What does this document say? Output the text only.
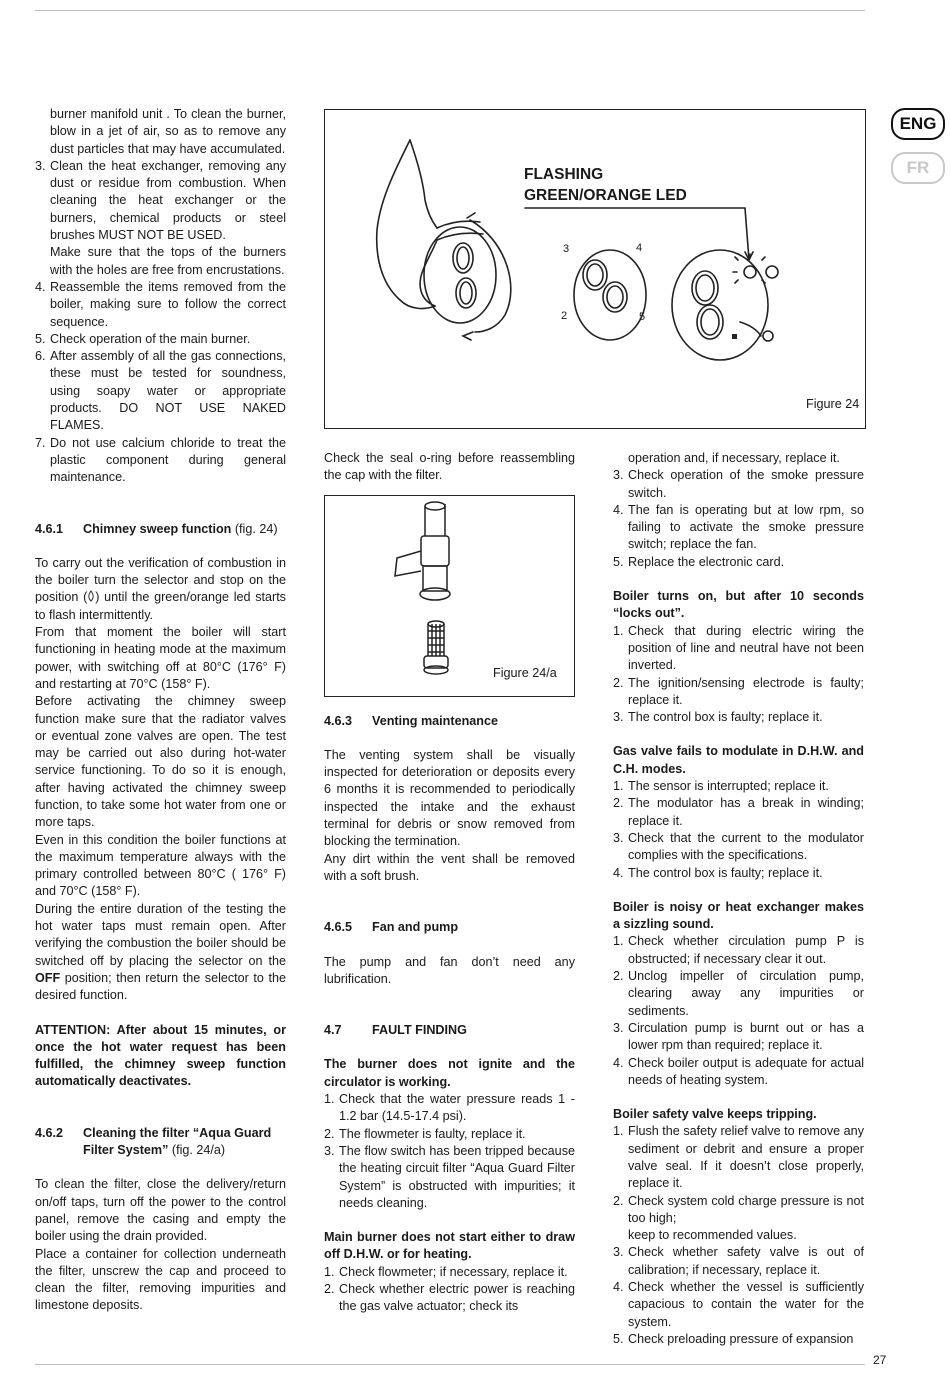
ENG
FR

burner manifold unit . To clean the burner, blow in a jet of air, so as to remove any dust particles that may have accumulated.

3. Clean the heat exchanger, removing any dust or residue from combustion. When cleaning the heat exchanger or the burners, chemical products or steel brushes MUST NOT BE USED.
Make sure that the tops of the burners with the holes are free from encrustations.
4. Reassemble the items removed from the boiler, making sure to follow the correct sequence.
5. Check operation of the main burner.
6. After assembly of all the gas connections, these must be tested for soundness, using soapy water or appropriate products. DO NOT USE NAKED FLAMES.
7. Do not use calcium chloride to treat the plastic component during general maintenance.
4.6.1	Chimney sweep function (fig. 24)

To carry out the verification of combustion in the boiler turn the selector and stop on the position ( ) until the green/orange led starts to flash intermittently.

From that moment the boiler will start functioning in heating mode at the maximum power, with switching off at 80°C (176° F) and restarting at 70°C (158° F).

Before activating the chimney sweep function make sure that the radiator valves or eventual zone valves are open. The test may be carried out also during hot-water service functioning. To do so it is enough, after having activated the chimney sweep function, to take some hot water from one or more taps.

Even in this condition the boiler functions at the maximum temperature always with the primary controlled between 80°C ( 176° F) and 70°C (158° F).

During the entire duration of the testing the hot water taps must remain open. After verifying the combustion the boiler should be switched off by placing the selector on the OFF position; then return the selector to the desired function.

ATTENTION: After about 15 minutes, or once the hot water request has been fulfilled, the chimney sweep function automatically deactivates.

4.6.2	Cleaning the filter “Aqua Guard
Filter System” (fig. 24/a)

To clean the filter, close the delivery/return on/off taps, turn off the power to the control panel, remove the casing and empty the boiler using the drain provided.

Place a container for collection underneath the filter, unscrew the cap and proceed to clean the filter, removing impurities and limestone deposits.

FLASHING
GREEN/ORANGE LED
3	4
2	5
Figure 24

Check the seal o-ring before reassembling the cap with the filter.

Figure 24/a
4.6.3	Venting maintenance

The venting system shall be visually inspected for deterioration or deposits every 6 months it is recommended to periodically inspected the intake and the exhaust terminal for debris or snow removed from blocking the termination.

Any dirt within the vent shall be removed with a soft brush.

4.6.5	Fan and pump

The pump and fan don’t need any lubrification.

4.7	FAULT FINDING

The burner does not ignite and the circulator is working.

1. Check that the water pressure reads 1 - 1.2 bar (14.5-17.4 psi).
2. The flowmeter is faulty, replace it.
3. The flow switch has been tripped because the heating circuit filter “Aqua Guard Filter System” is obstructed with impurities; it needs cleaning.

Main burner does not start either to draw off D.H.W. or for heating.

1. Check flowmeter; if necessary, replace it.
2. Check whether electric power is reaching the gas valve actuator; check its

operation and, if necessary, replace it.

3. Check operation of the smoke pressure switch.
4. The fan is operating but at low rpm, so failing to activate the smoke pressure switch; replace the fan.
5. Replace the electronic card.

Boiler turns on, but after 10 seconds “locks out”.

1. Check that during electric wiring the position of line and neutral have not been inverted.
2. The ignition/sensing electrode is faulty; replace it.
3. The control box is faulty; replace it.

Gas valve fails to modulate in D.H.W. and C.H. modes.

1. The sensor is interrupted; replace it.
2. The modulator has a break in winding; replace it.
3. Check that the current to the modulator complies with the specifications.
4. The control box is faulty; replace it.

Boiler is noisy or heat exchanger makes a sizzling sound.

1. Check whether circulation pump P is obstructed; if necessary clear it out.
2. Unclog impeller of circulation pump, clearing away any impurities or sediments.
3. Circulation pump is burnt out or has a lower rpm than required; replace it.
4. Check boiler output is adequate for actual needs of heating system.

Boiler safety valve keeps tripping.

1. Flush the safety relief valve to remove any sediment or debrit and ensure a proper valve seal. If it doesn’t close properly, replace it.
2. Check system cold charge pressure is not too high;
keep to recommended values.
3. Check whether safety valve is out of calibration; if necessary, replace it.
4. Check whether the vessel is sufficiently capacious to contain the water for the system.
5. Check preloading pressure of expansion
27
